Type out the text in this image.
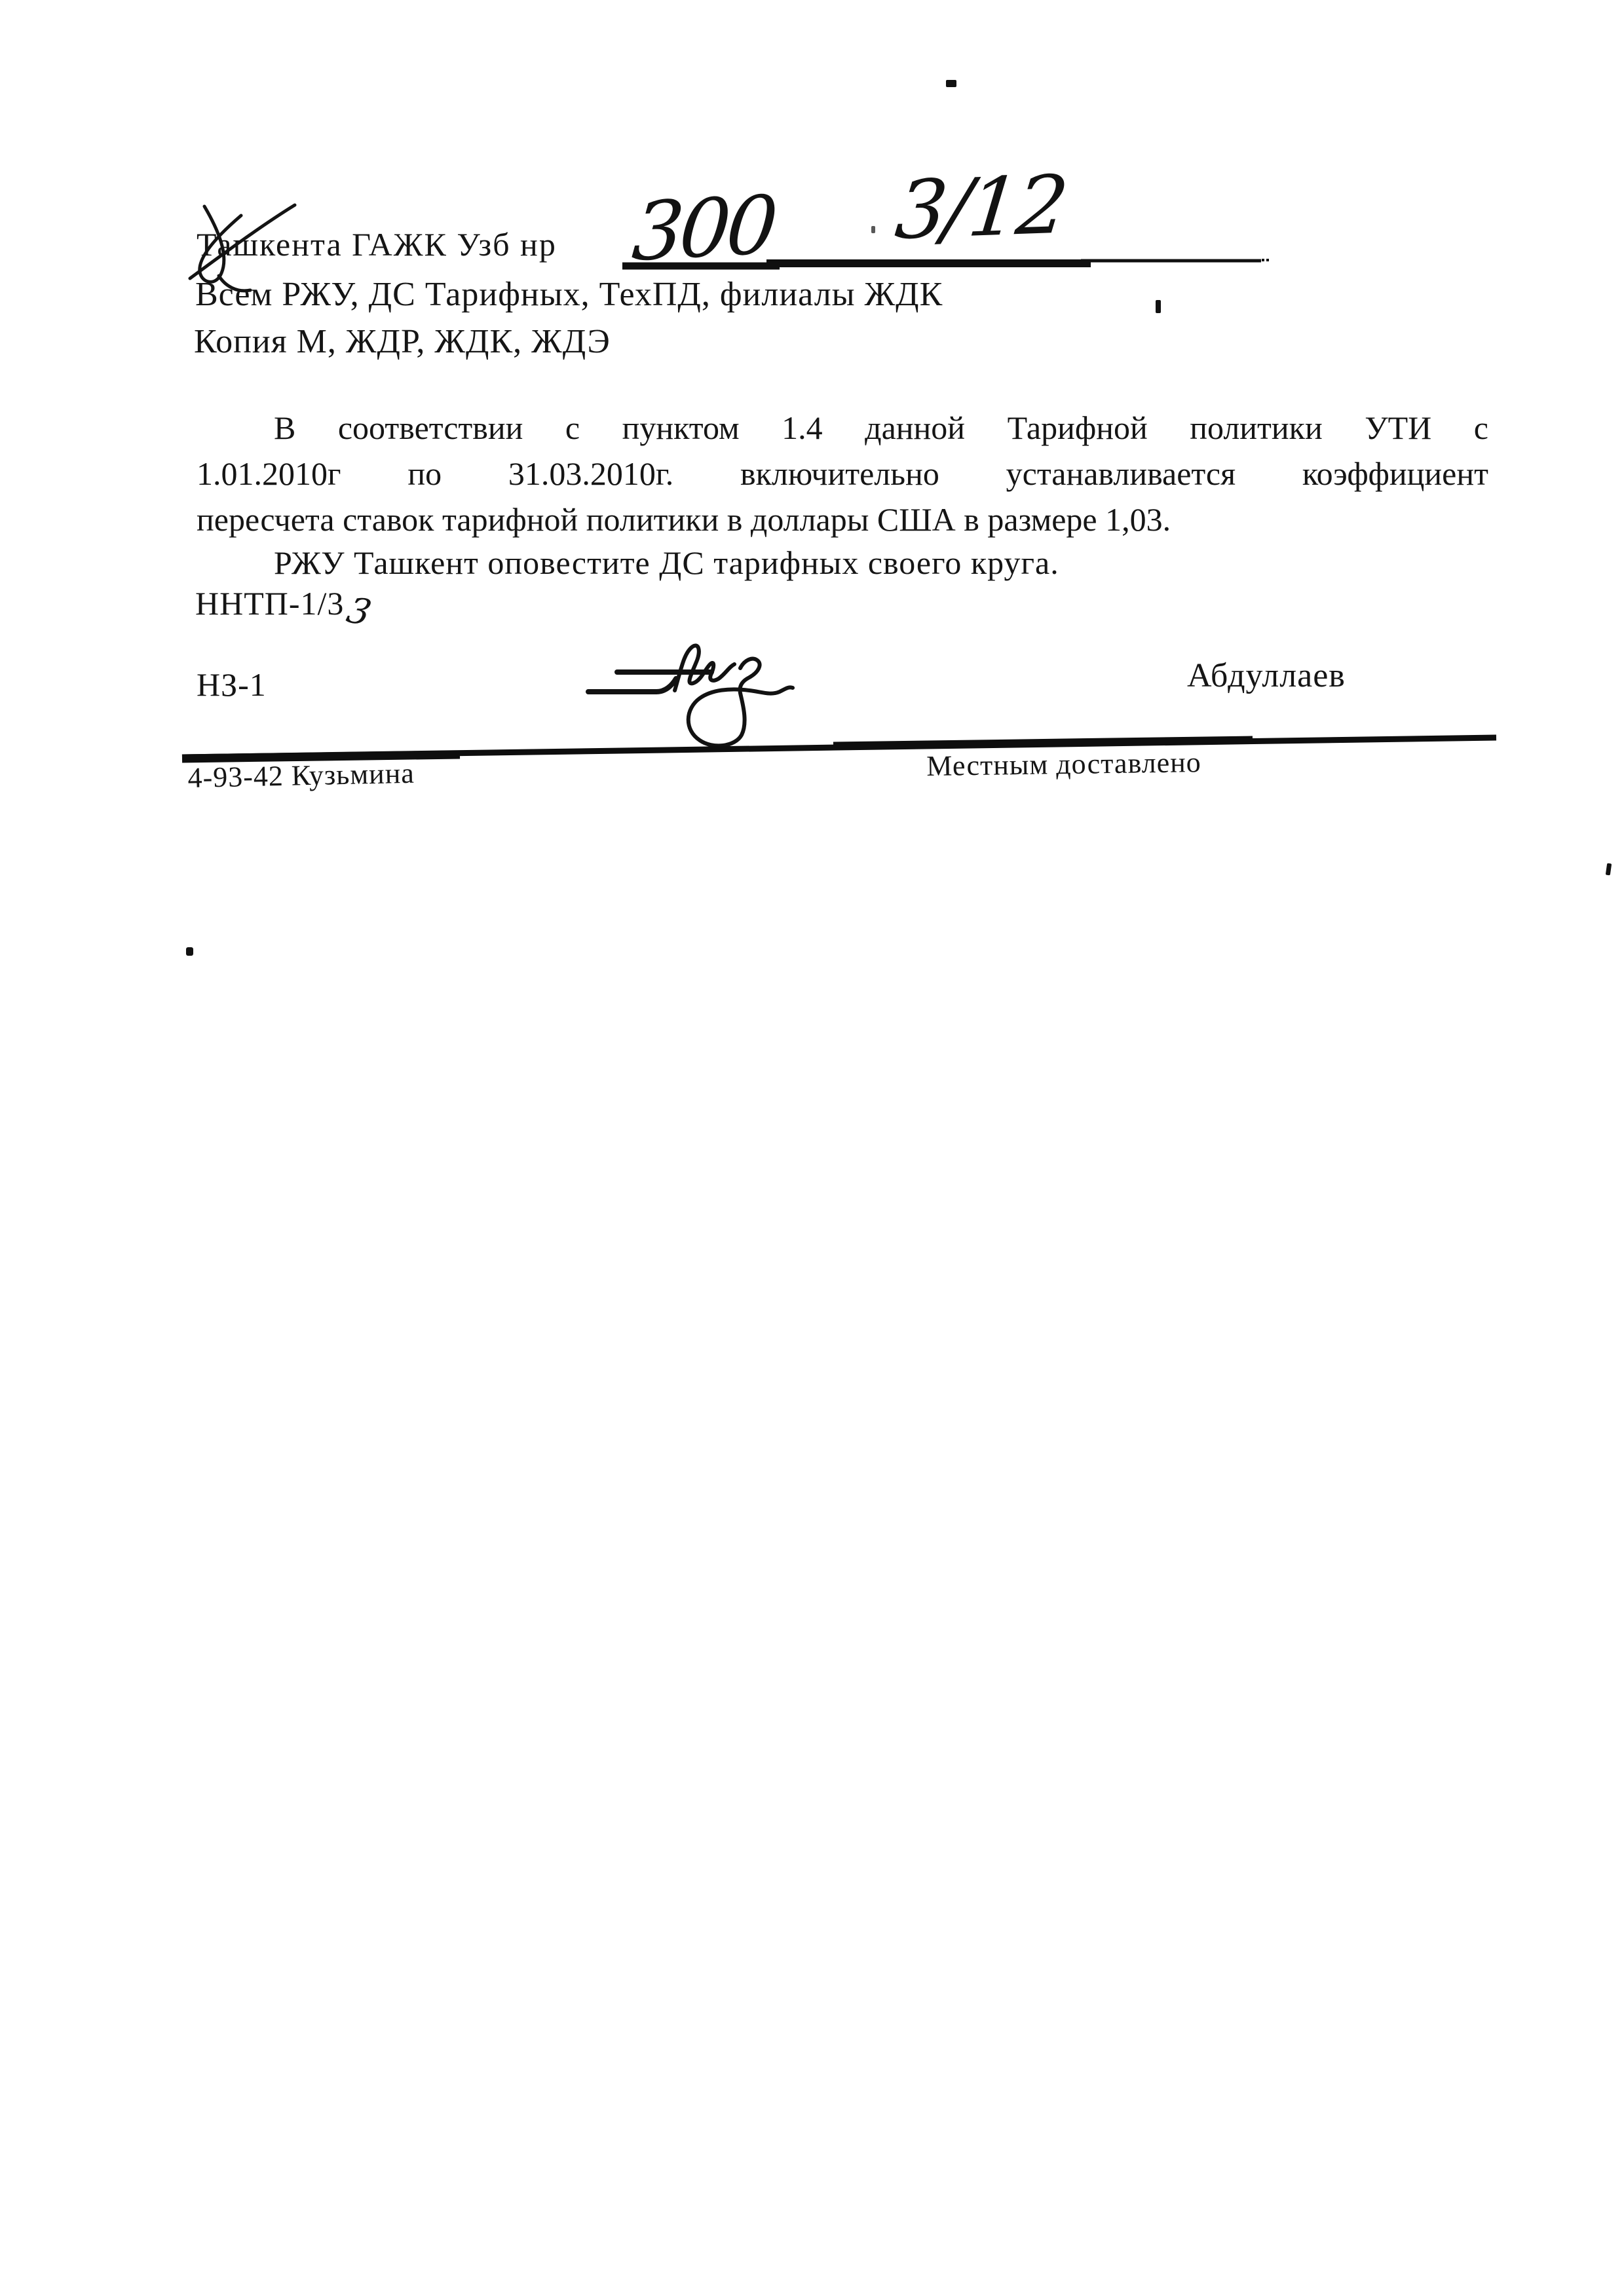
Ташкента ГАЖК Узб нр 300 3/12
Всем РЖУ, ДС Тарифных, ТехПД, филиалы ЖДК
Копия М, ЖДР, ЖДК, ЖДЭ
В соответствии с пунктом 1.4 данной Тарифной политики УТИ с
1.01.2010г по 31.03.2010г. включительно устанавливается коэффициент
пересчета ставок тарифной политики в доллары США в размере 1,03.
РЖУ Ташкент оповестите ДС тарифных своего круга.
ННТП-1/33
НЗ-1	Абдуллаев
4-93-42 Кузьмина	Местным доставлено
